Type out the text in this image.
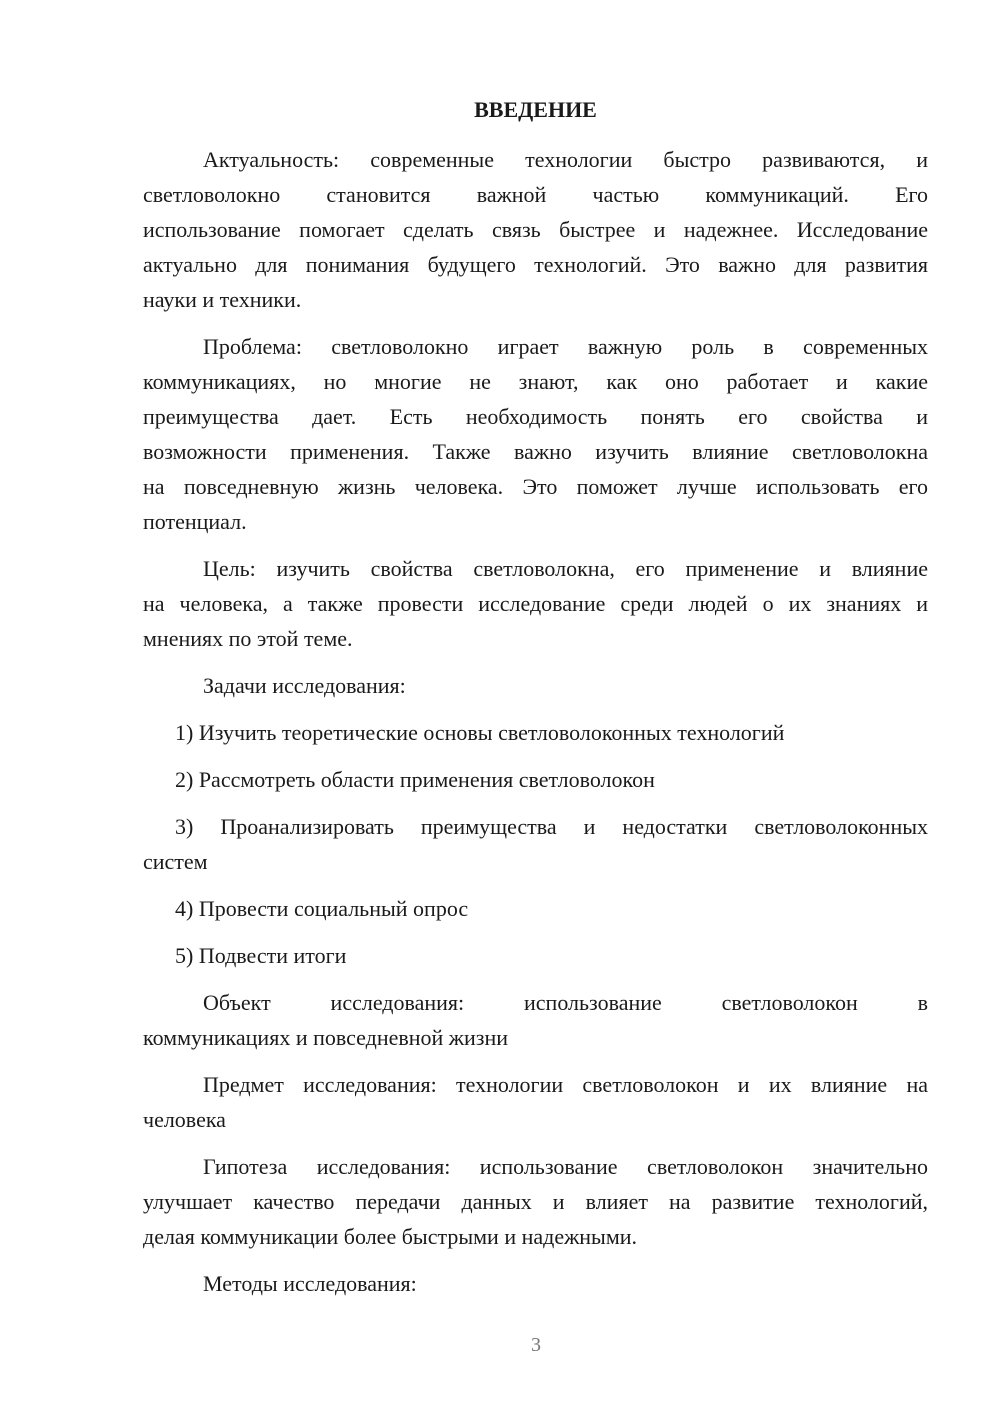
ВВЕДЕНИЕ
Актуальность: современные технологии быстро развиваются, и
светловолокно становится важной частью коммуникаций. Его
использование помогает сделать связь быстрее и надежнее. Исследование
актуально для понимания будущего технологий. Это важно для развития
науки и техники.
Проблема: светловолокно играет важную роль в современных
коммуникациях, но многие не знают, как оно работает и какие
преимущества дает. Есть необходимость понять его свойства и
возможности применения. Также важно изучить влияние светловолокна
на повседневную жизнь человека. Это поможет лучше использовать его
потенциал.
Цель: изучить свойства светловолокна, его применение и влияние
на человека, а также провести исследование среди людей о их знаниях и
мнениях по этой теме.
Задачи исследования:
1) Изучить теоретические основы светловолоконных технологий
2) Рассмотреть области применения светловолокон
3) Проанализировать преимущества и недостатки светловолоконных
систем
4) Провести социальный опрос
5) Подвести итоги
Объект исследования: использование светловолокон в
коммуникациях и повседневной жизни
Предмет исследования: технологии светловолокон и их влияние на
человека
Гипотеза исследования: использование светловолокон значительно
улучшает качество передачи данных и влияет на развитие технологий,
делая коммуникации более быстрыми и надежными.
Методы исследования:
3
